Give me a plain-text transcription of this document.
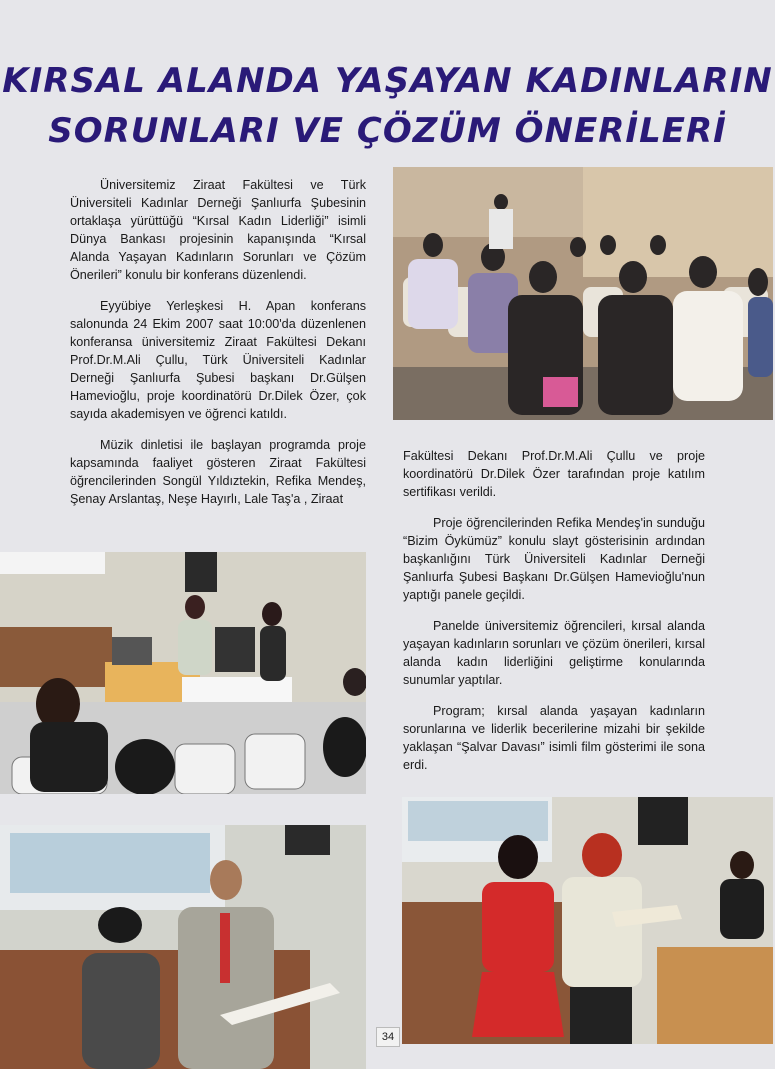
KIRSAL ALANDA YAŞAYAN KADINLARIN
SORUNLARI VE ÇÖZÜM ÖNERİLERİ

Üniversitemiz Ziraat Fakültesi ve Türk Üniversiteli Kadınlar Derneği Şanlıurfa Şubesinin ortaklaşa yürüttüğü “Kırsal Kadın Liderliği” isimli Dünya Bankası projesinin kapanışında “Kırsal Alanda Yaşayan Kadınların Sorunları ve Çözüm Önerileri” konulu bir konferans düzenlendi.

Eyyübiye Yerleşkesi H. Apan konferans salonunda 24 Ekim 2007 saat 10:00'da düzenlenen konferansa üniversitemiz Ziraat Fakültesi Dekanı Prof.Dr.M.Ali Çullu, Türk Üniversiteli Kadınlar Derneği Şanlıurfa Şubesi başkanı Dr.Gülşen Hamevioğlu, proje koordinatörü Dr.Dilek Özer, çok sayıda akademisyen ve öğrenci katıldı.

Müzik dinletisi ile başlayan programda proje kapsamında faaliyet gösteren Ziraat Fakültesi öğrencilerinden Songül Yıldıztekin, Refika Mendeş, Şenay Arslantaş, Neşe Hayırlı, Lale Taş'a , Ziraat

Fakültesi Dekanı Prof.Dr.M.Ali Çullu ve proje koordinatörü Dr.Dilek Özer tarafından proje katılım sertifikası verildi.

Proje öğrencilerinden Refika Mendeş'in sunduğu “Bizim Öykümüz” konulu slayt gösterisinin ardından başkanlığını Türk Üniversiteli Kadınlar Derneği Şanlıurfa Şubesi Başkanı Dr.Gülşen Hamevioğlu'nun yaptığı panele geçildi.

Panelde üniversitemiz öğrencileri, kırsal alanda yaşayan kadınların sorunları ve çözüm önerileri, kırsal alanda kadın liderliğini geliştirme konularında sunumlar yaptılar.

Program; kırsal alanda yaşayan kadınların sorunlarına ve liderlik becerilerine mizahi bir şekilde yaklaşan “Şalvar Davası” isimli film gösterimi ile sona erdi.

34
